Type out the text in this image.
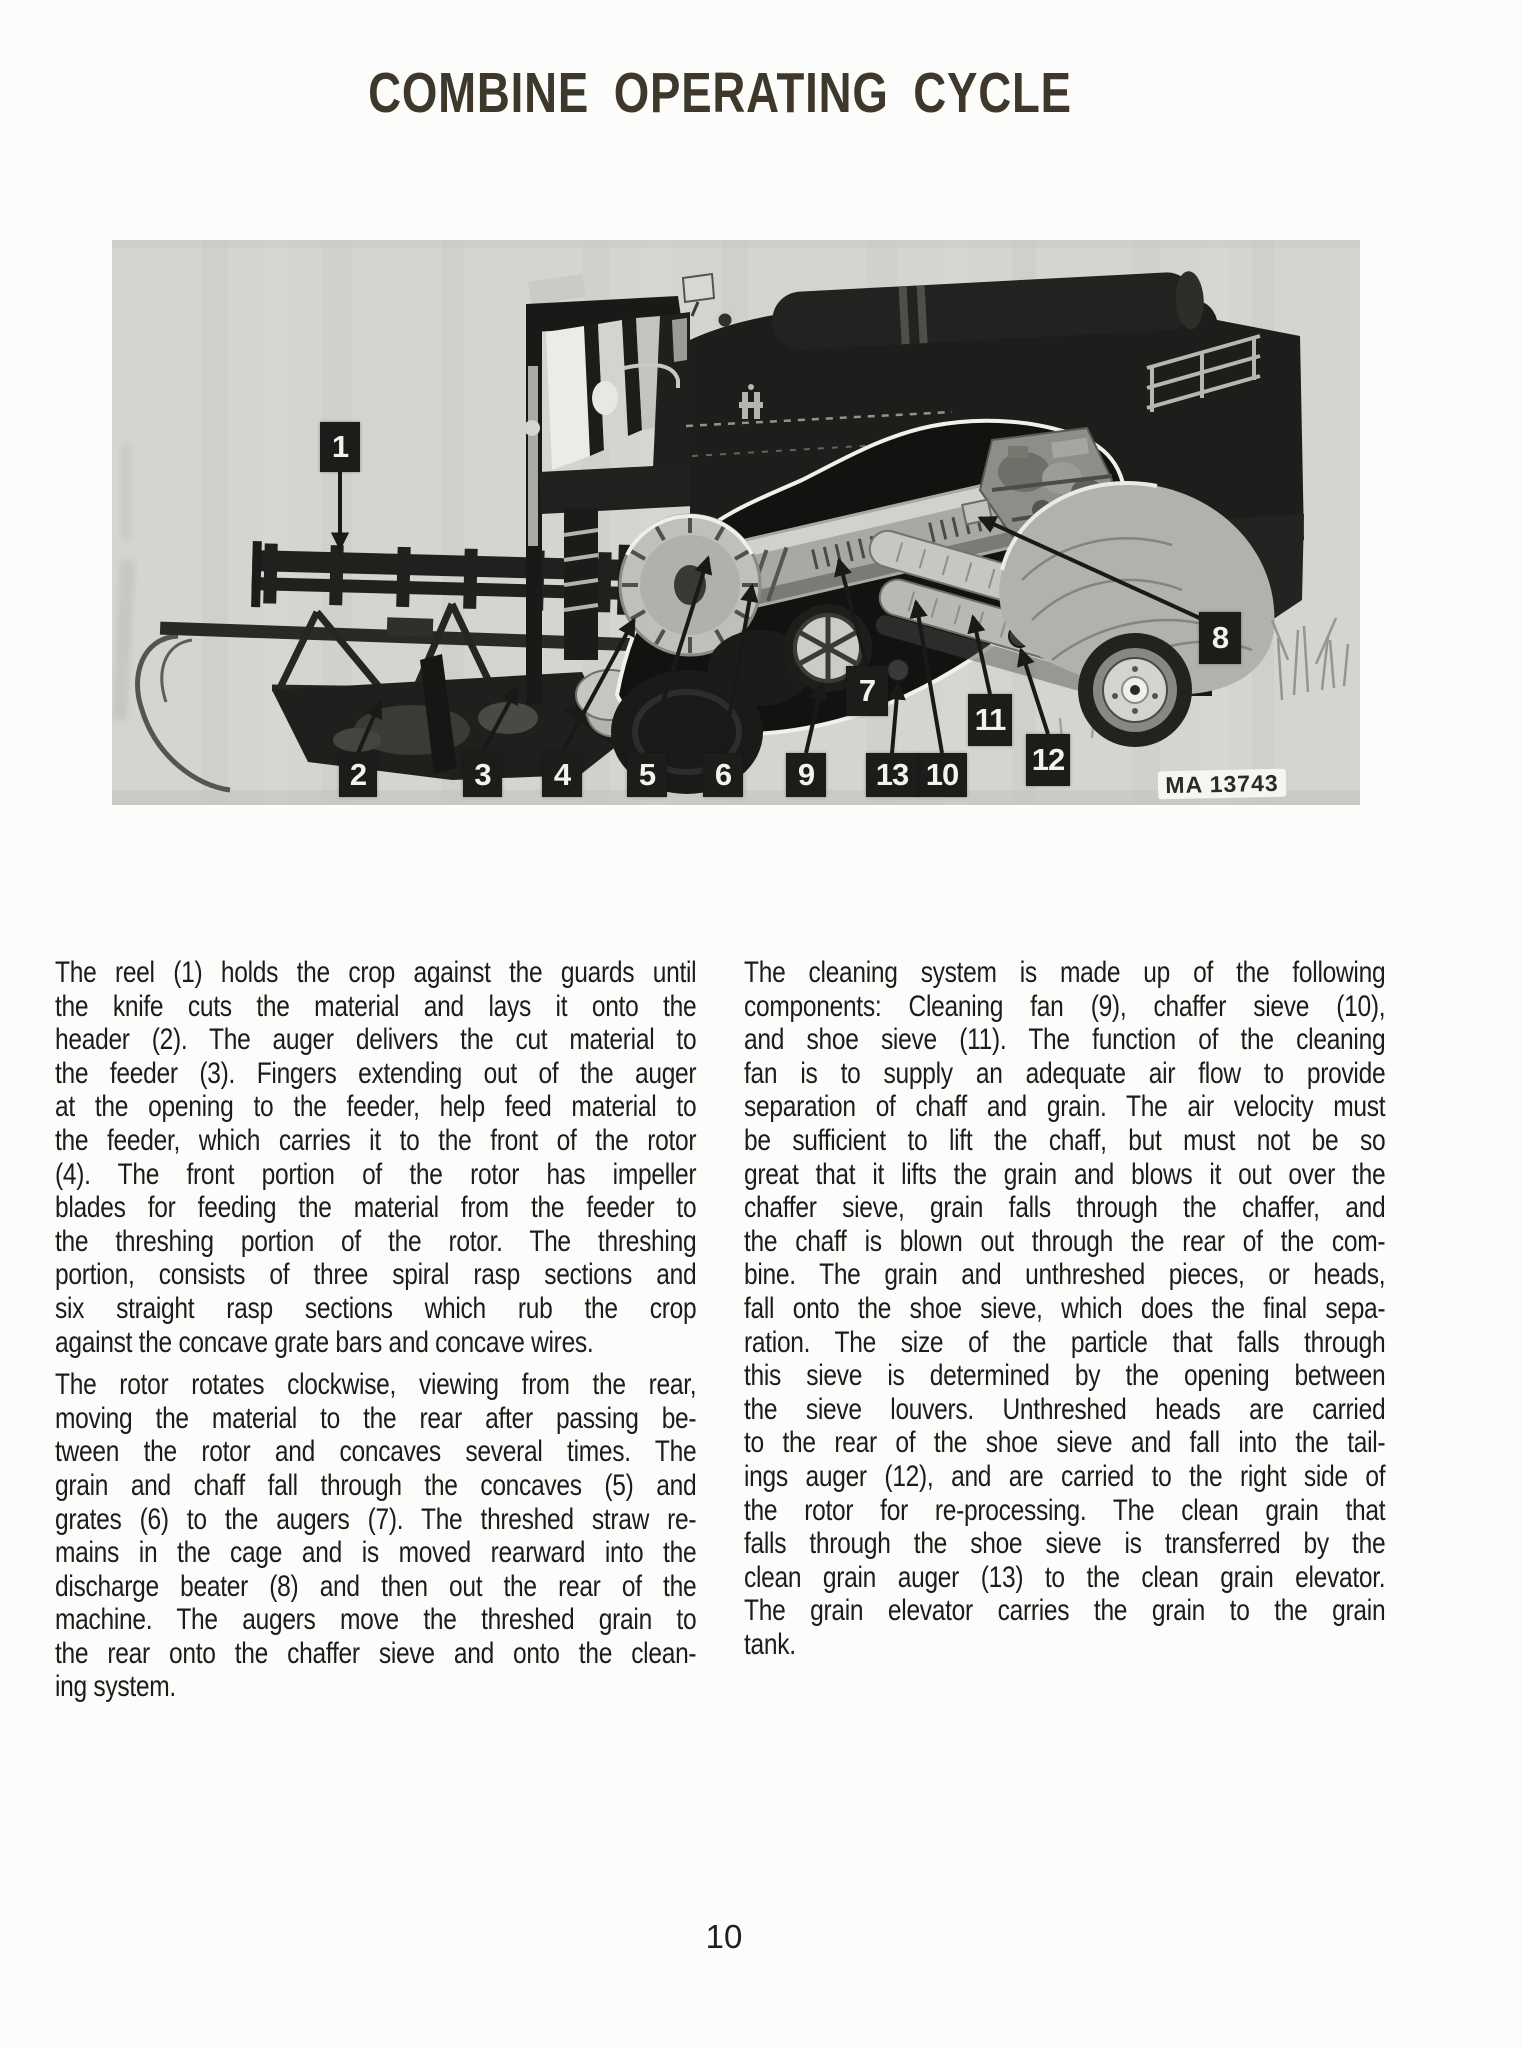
COMBINE OPERATING CYCLE
1
2	3	4	5	6
7
8
9	10
11
12
13	MA 13743
The reel (1) holds the crop against the guards until
the knife cuts the material and lays it onto the
header (2). The auger delivers the cut material to
the feeder (3). Fingers extending out of the auger
at the opening to the feeder, help feed material to
the feeder, which carries it to the front of the rotor
(4). The front portion of the rotor has impeller
blades for feeding the material from the feeder to
the threshing portion of the rotor. The threshing
portion, consists of three spiral rasp sections and
six straight rasp sections which rub the crop
against the concave grate bars and concave wires.
The rotor rotates clockwise, viewing from the rear,
moving the material to the rear after passing be-
tween the rotor and concaves several times. The
grain and chaff fall through the concaves (5) and
grates (6) to the augers (7). The threshed straw re-
mains in the cage and is moved rearward into the
discharge beater (8) and then out the rear of the
machine. The augers move the threshed grain to
the rear onto the chaffer sieve and onto the clean-
ing system.
The cleaning system is made up of the following
components: Cleaning fan (9), chaffer sieve (10),
and shoe sieve (11). The function of the cleaning
fan is to supply an adequate air flow to provide
separation of chaff and grain. The air velocity must
be sufficient to lift the chaff, but must not be so
great that it lifts the grain and blows it out over the
chaffer sieve, grain falls through the chaffer, and
the chaff is blown out through the rear of the com-
bine. The grain and unthreshed pieces, or heads,
fall onto the shoe sieve, which does the final sepa-
ration. The size of the particle that falls through
this sieve is determined by the opening between
the sieve louvers. Unthreshed heads are carried
to the rear of the shoe sieve and fall into the tail-
ings auger (12), and are carried to the right side of
the rotor for re-processing. The clean grain that
falls through the shoe sieve is transferred by the
clean grain auger (13) to the clean grain elevator.
The grain elevator carries the grain to the grain
tank.
10
